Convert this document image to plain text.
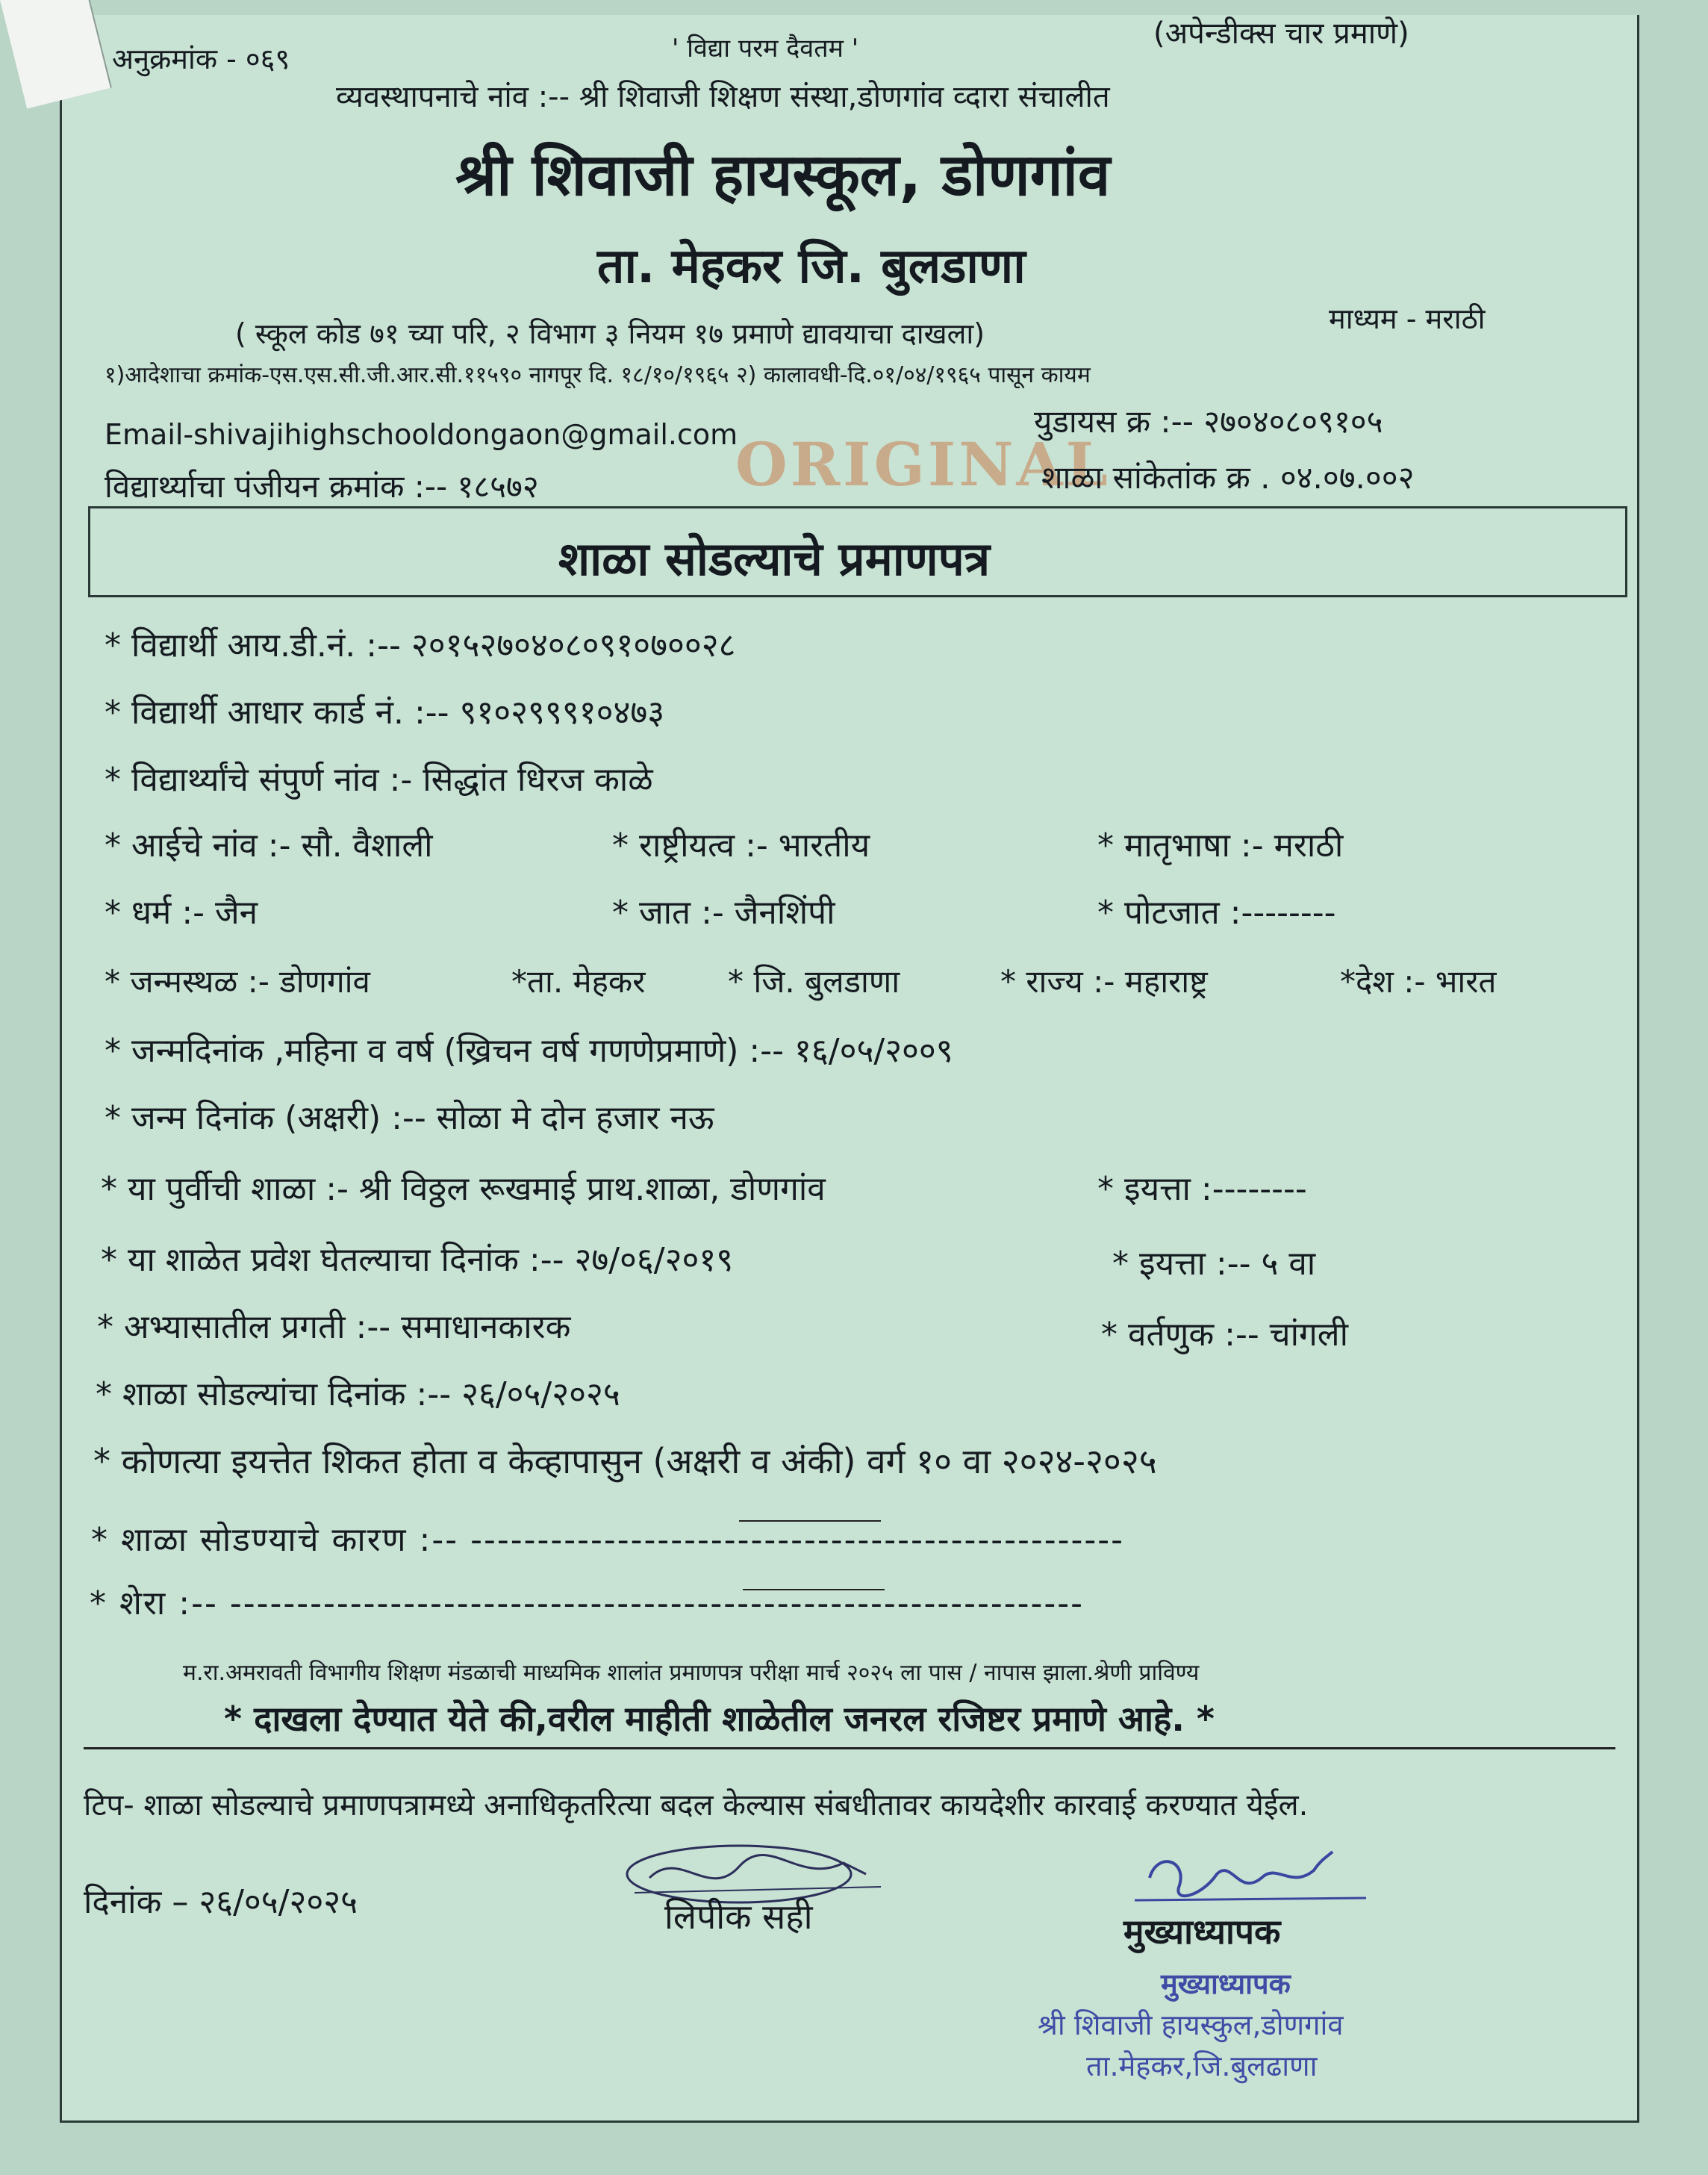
अनुक्रमांक - ०६९	' विद्या परम दैवतम '	(अपेन्डीक्स चार प्रमाणे)
व्यवस्थापनाचे नांव :-- श्री शिवाजी शिक्षण संस्था,डोणगांव व्दारा संचालीत
श्री शिवाजी हायस्कूल, डोणगांव
ता. मेहकर जि. बुलडाणा
( स्कूल कोड ७१ च्या परि, २ विभाग ३ नियम १७ प्रमाणे द्यावयाचा दाखला)	माध्यम - मराठी
१)आदेशाचा क्रमांक-एस.एस.सी.जी.आर.सी.११५९० नागपूर दि. १८/१०/१९६५ २) कालावधी-दि.०१/०४/१९६५ पासून कायम
Email-shivajihighschooldongaon@gmail.com	युडायस क्र :-- २७०४०८०९१०५
विद्यार्थ्याचा पंजीयन क्रमांक :-- १८५७२	ORIGINAL
शाळा सांकेतांक क्र . ०४.०७.००२
शाळा सोडल्याचे प्रमाणपत्र
* विद्यार्थी आय.डी.नं. :-- २०१५२७०४०८०९१०७००२८
* विद्यार्थी आधार कार्ड नं. :-- ९१०२९९९१०४७३
* विद्यार्थ्यांचे संपुर्ण नांव :- सिद्धांत धिरज काळे
* आईचे नांव :- सौ. वैशाली	* राष्ट्रीयत्व :- भारतीय	* मातृभाषा :- मराठी
* धर्म :- जैन	* जात :- जैनशिंपी	* पोटजात :--------
* जन्मस्थळ :- डोणगांव	*ता. मेहकर	* जि. बुलडाणा	* राज्य :- महाराष्ट्र	*देश :- भारत
* जन्मदिनांक ,महिना व वर्ष (ख्रिचन वर्ष गणणेप्रमाणे) :-- १६/०५/२००९
* जन्म दिनांक (अक्षरी) :-- सोळा मे दोन हजार नऊ
* या पुर्वीची शाळा :- श्री विठ्ठल रूखमाई प्राथ.शाळा, डोणगांव	* इयत्ता :--------
* या शाळेत प्रवेश घेतल्याचा दिनांक :-- २७/०६/२०१९	* इयत्ता :-- ५ वा
* अभ्यासातील प्रगती :-- समाधानकारक	* वर्तणुक :-- चांगली
* शाळा सोडल्यांचा दिनांक :-- २६/०५/२०२५
* कोणत्या इयत्तेत शिकत होता व केव्हापासुन (अक्षरी व अंकी) वर्ग १० वा २०२४-२०२५
* शाळा सोडण्याचे कारण :-- -------------------------------------------------
* शेरा :-- ----------------------------------------------------------------
म.रा.अमरावती विभागीय शिक्षण मंडळाची माध्यमिक शालांत प्रमाणपत्र परीक्षा मार्च २०२५ ला पास / नापास झाला.श्रेणी प्राविण्य
* दाखला देण्यात येते की,वरील माहीती शाळेतील जनरल रजिष्टर प्रमाणे आहे. *
टिप- शाळा सोडल्याचे प्रमाणपत्रामध्ये अनाधिकृतरित्या बदल केल्यास संबधीतावर कायदेशीर कारवाई करण्यात येईल.
दिनांक – २६/०५/२०२५	लिपीक सही	मुख्याध्यापक
मुख्याध्यापक
श्री शिवाजी हायस्कुल,डोणगांव
ता.मेहकर,जि.बुलढाणा
